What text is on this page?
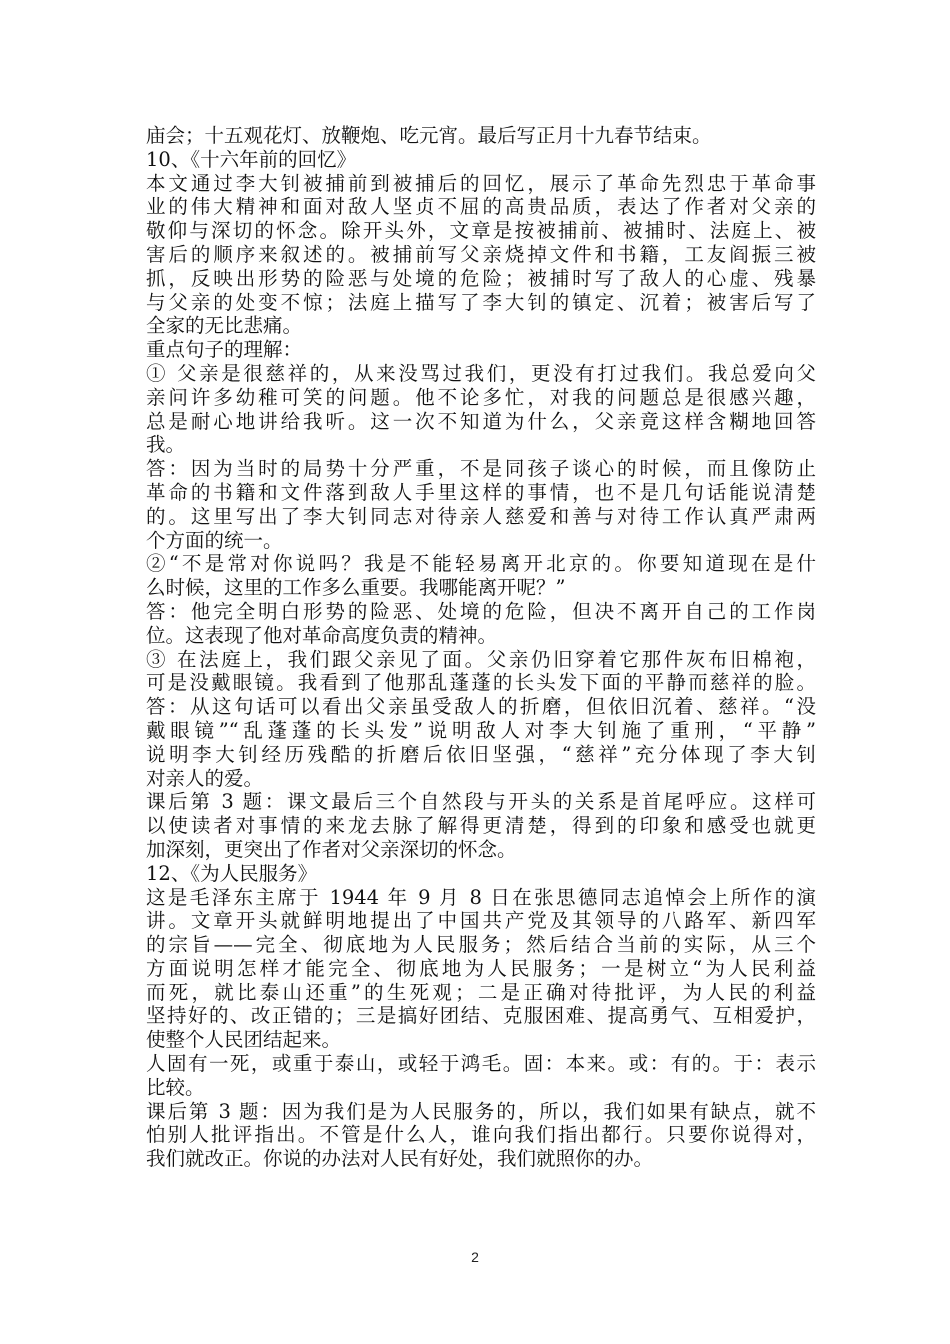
庙会；十五观花灯、放鞭炮、吃元宵。最后写正月十九春节结束。
10、《十六年前的回忆》
本文通过李大钊被捕前到被捕后的回忆，展示了革命先烈忠于革命事
业的伟大精神和面对敌人坚贞不屈的高贵品质，表达了作者对父亲的
敬仰与深切的怀念。除开头外，文章是按被捕前、被捕时、法庭上、被
害后的顺序来叙述的。被捕前写父亲烧掉文件和书籍，工友阎振三被
抓，反映出形势的险恶与处境的危险；被捕时写了敌人的心虚、残暴
与父亲的处变不惊；法庭上描写了李大钊的镇定、沉着；被害后写了
全家的无比悲痛。
重点句子的理解：
① 父亲是很慈祥的，从来没骂过我们，更没有打过我们。我总爱向父
亲问许多幼稚可笑的问题。他不论多忙，对我的问题总是很感兴趣，
总是耐心地讲给我听。这一次不知道为什么，父亲竟这样含糊地回答
我。
答：因为当时的局势十分严重，不是同孩子谈心的时候，而且像防止
革命的书籍和文件落到敌人手里这样的事情，也不是几句话能说清楚
的。这里写出了李大钊同志对待亲人慈爱和善与对待工作认真严肃两
个方面的统一。
②“不是常对你说吗？我是不能轻易离开北京的。你要知道现在是什
么时候，这里的工作多么重要。我哪能离开呢？”
答：他完全明白形势的险恶、处境的危险，但决不离开自己的工作岗
位。这表现了他对革命高度负责的精神。
③ 在法庭上，我们跟父亲见了面。父亲仍旧穿着它那件灰布旧棉袍，
可是没戴眼镜。我看到了他那乱蓬蓬的长头发下面的平静而慈祥的脸。
答：从这句话可以看出父亲虽受敌人的折磨，但依旧沉着、慈祥。“没
戴眼镜”“乱蓬蓬的长头发”说明敌人对李大钊施了重刑，“平静”
说明李大钊经历残酷的折磨后依旧坚强，“慈祥”充分体现了李大钊
对亲人的爱。
课后第 3 题：课文最后三个自然段与开头的关系是首尾呼应。这样可
以使读者对事情的来龙去脉了解得更清楚，得到的印象和感受也就更
加深刻，更突出了作者对父亲深切的怀念。
12、《为人民服务》
这是毛泽东主席于 1944 年 9 月 8 日在张思德同志追悼会上所作的演
讲。文章开头就鲜明地提出了中国共产党及其领导的八路军、新四军
的宗旨——完全、彻底地为人民服务；然后结合当前的实际，从三个
方面说明怎样才能完全、彻底地为人民服务；一是树立“为人民利益
而死，就比泰山还重”的生死观；二是正确对待批评，为人民的利益
坚持好的、改正错的；三是搞好团结、克服困难、提高勇气、互相爱护，
使整个人民团结起来。
人固有一死，或重于泰山，或轻于鸿毛。固：本来。或：有的。于：表示
比较。
课后第 3 题：因为我们是为人民服务的，所以，我们如果有缺点，就不
怕别人批评指出。不管是什么人，谁向我们指出都行。只要你说得对，
我们就改正。你说的办法对人民有好处，我们就照你的办。
2
